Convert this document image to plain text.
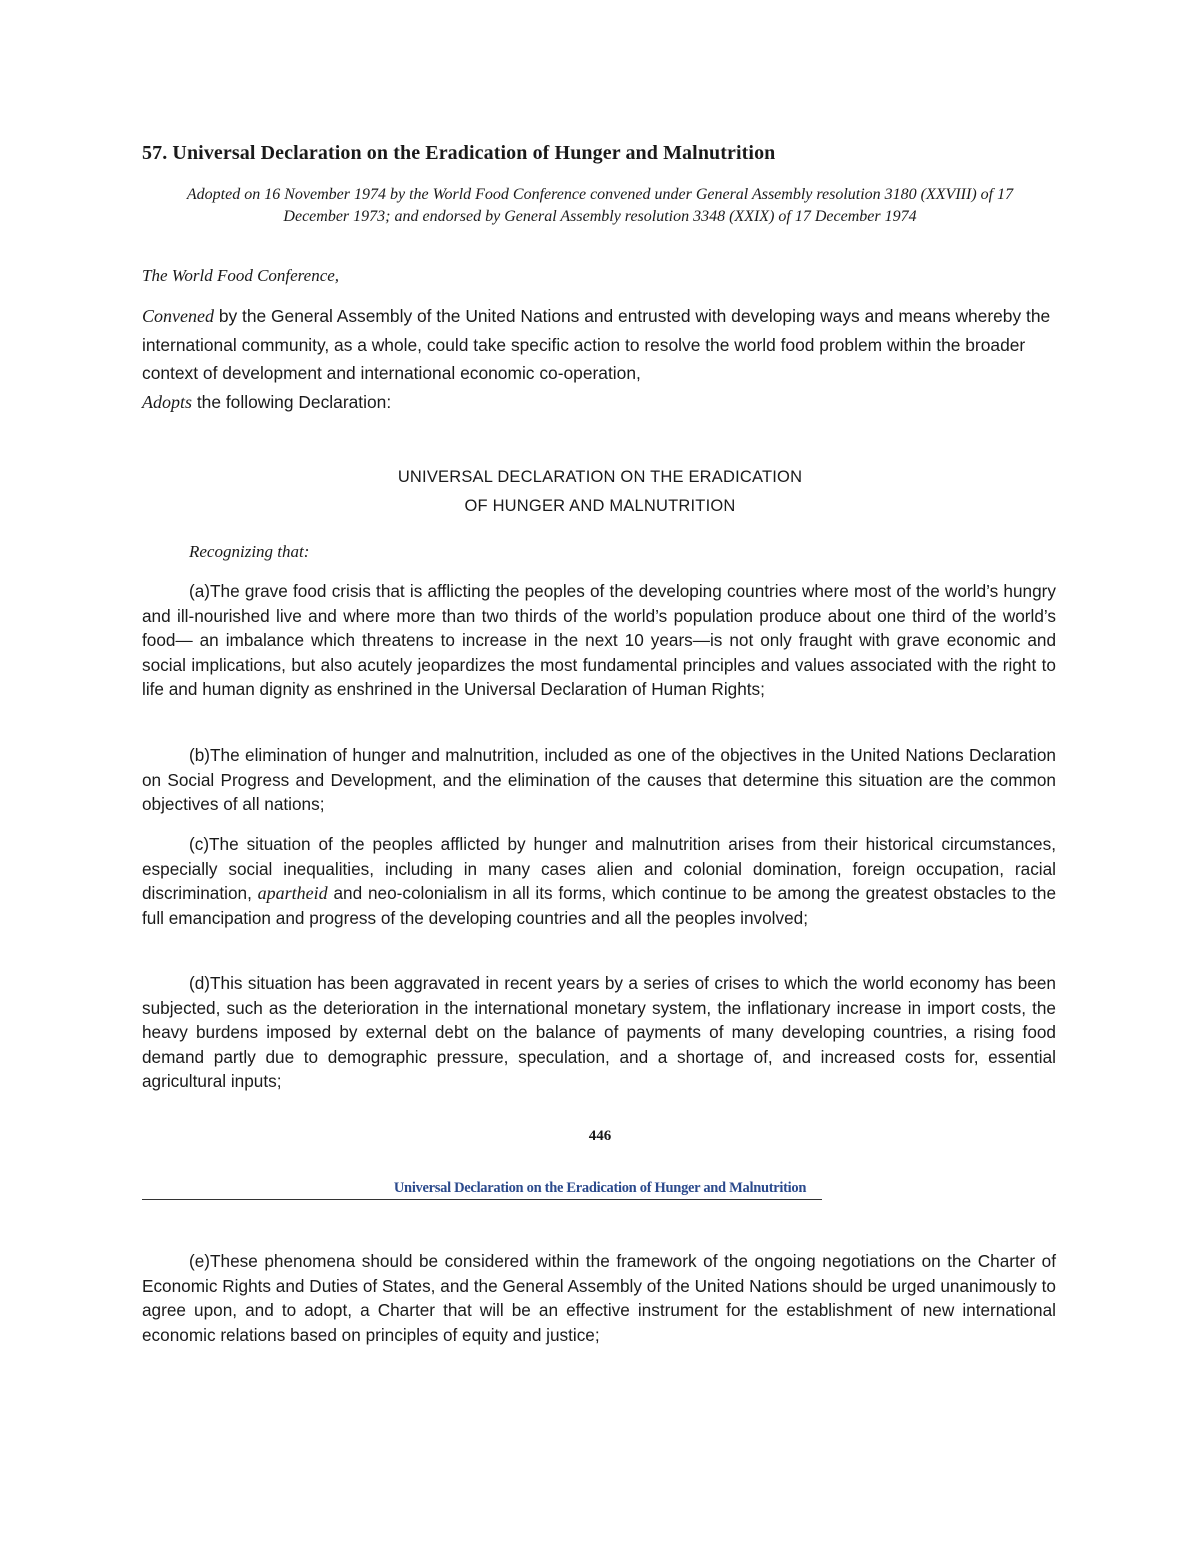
57. Universal Declaration on the Eradication of Hunger and Malnutrition
Adopted on 16 November 1974 by the World Food Conference convened under General Assembly resolution 3180 (XXVIII) of 17
December 1973; and endorsed by General Assembly resolution 3348 (XXIX) of 17 December 1974
The World Food Conference,
Convened by the General Assembly of the United Nations and entrusted with developing ways and means whereby the international community, as a whole, could take specific action to resolve the world food problem within the broader context of development and international economic co-operation,
Adopts the following Declaration:
UNIVERSAL DECLARATION ON THE ERADICATION
OF HUNGER AND MALNUTRITION
Recognizing that:

(a)The grave food crisis that is afflicting the peoples of the developing countries where most of the world’s hungry and ill-nourished live and where more than two thirds of the world’s population produce about one third of the world’s food— an imbalance which threatens to increase in the next 10 years—is not only fraught with grave economic and social implications, but also acutely jeopardizes the most fundamental principles and values associated with the right to life and human dignity as enshrined in the Universal Declaration of Human Rights;

(b)The elimination of hunger and malnutrition, included as one of the objectives in the United Nations Declaration on Social Progress and Development, and the elimination of the causes that determine this situation are the common objectives of all nations;

(c)The situation of the peoples afflicted by hunger and malnutrition arises from their historical circumstances, especially social inequalities, including in many cases alien and colonial domination, foreign occupation, racial discrimination, apartheid and neo-colonialism in all its forms, which continue to be among the greatest obstacles to the full emancipation and progress of the developing countries and all the peoples involved;

(d)This situation has been aggravated in recent years by a series of crises to which the world economy has been subjected, such as the deterioration in the international monetary system, the inflationary increase in import costs, the heavy burdens imposed by external debt on the balance of payments of many developing countries, a rising food demand partly due to demographic pressure, speculation, and a shortage of, and increased costs for, essential agricultural inputs;

446
Universal Declaration on the Eradication of Hunger and Malnutrition

(e)These phenomena should be considered within the framework of the ongoing negotiations on the Charter of Economic Rights and Duties of States, and the General Assembly of the United Nations should be urged unanimously to agree upon, and to adopt, a Charter that will be an effective instrument for the establishment of new international economic relations based on principles of equity and justice;
